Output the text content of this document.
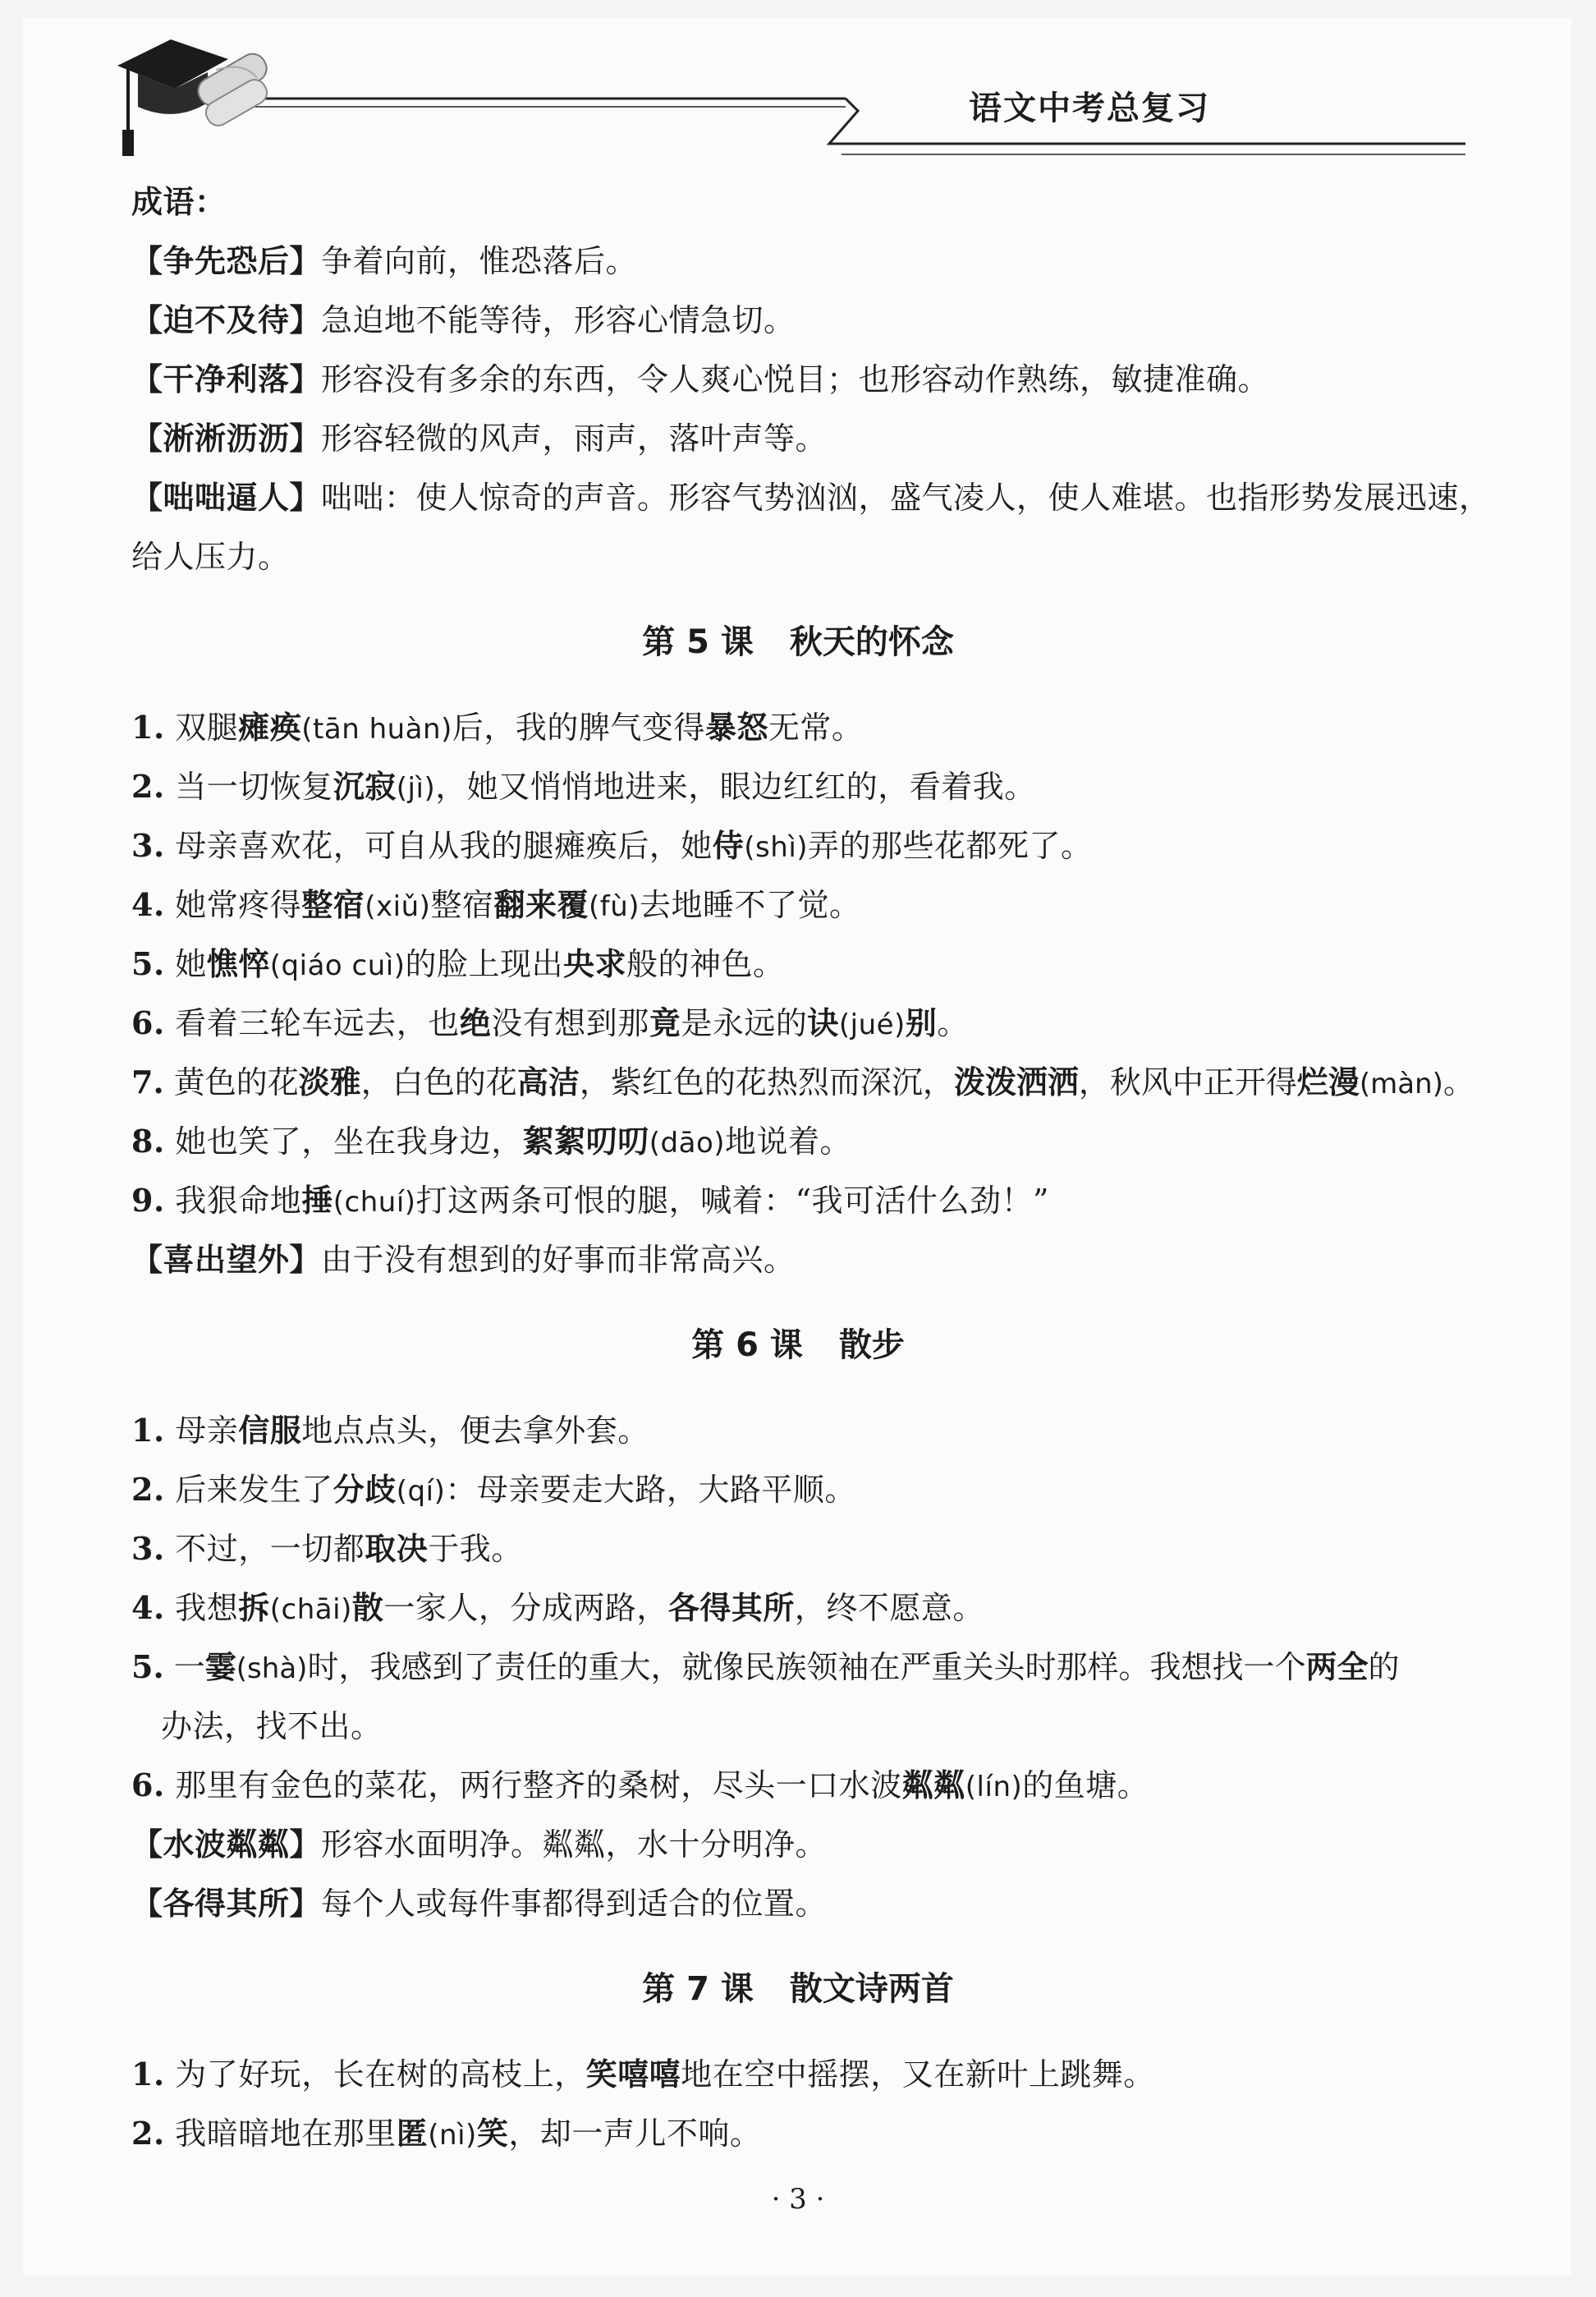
语文中考总复习
成语：
【争先恐后】争着向前，惟恐落后。
【迫不及待】急迫地不能等待，形容心情急切。
【干净利落】形容没有多余的东西，令人爽心悦目；也形容动作熟练，敏捷准确。
【淅淅沥沥】形容轻微的风声，雨声，落叶声等。
【咄咄逼人】咄咄：使人惊奇的声音。形容气势汹汹，盛气凌人，使人难堪。也指形势发展迅速，
给人压力。
第 5 课 秋天的怀念
1. 双腿瘫痪(tān huàn)后，我的脾气变得暴怒无常。
2. 当一切恢复沉寂(jì)，她又悄悄地进来，眼边红红的，看着我。
3. 母亲喜欢花，可自从我的腿瘫痪后，她侍(shì)弄的那些花都死了。
4. 她常疼得整宿(xiǔ)整宿翻来覆(fù)去地睡不了觉。
5. 她憔悴(qiáo cuì)的脸上现出央求般的神色。
6. 看着三轮车远去，也绝没有想到那竟是永远的诀(jué)别。
7. 黄色的花淡雅，白色的花高洁，紫红色的花热烈而深沉，泼泼洒洒，秋风中正开得烂漫(màn)。
8. 她也笑了，坐在我身边，絮絮叨叨(dāo)地说着。
9. 我狠命地捶(chuí)打这两条可恨的腿，喊着：“我可活什么劲！”
【喜出望外】由于没有想到的好事而非常高兴。
第 6 课 散步
1. 母亲信服地点点头，便去拿外套。
2. 后来发生了分歧(qí)：母亲要走大路，大路平顺。
3. 不过，一切都取决于我。
4. 我想拆(chāi)散一家人，分成两路，各得其所，终不愿意。
5. 一霎(shà)时，我感到了责任的重大，就像民族领袖在严重关头时那样。我想找一个两全的
办法，找不出。
6. 那里有金色的菜花，两行整齐的桑树，尽头一口水波粼粼(lín)的鱼塘。
【水波粼粼】形容水面明净。粼粼，水十分明净。
【各得其所】每个人或每件事都得到适合的位置。
第 7 课 散文诗两首
1. 为了好玩，长在树的高枝上，笑嘻嘻地在空中摇摆，又在新叶上跳舞。
2. 我暗暗地在那里匿(nì)笑，却一声儿不响。
· 3 ·
